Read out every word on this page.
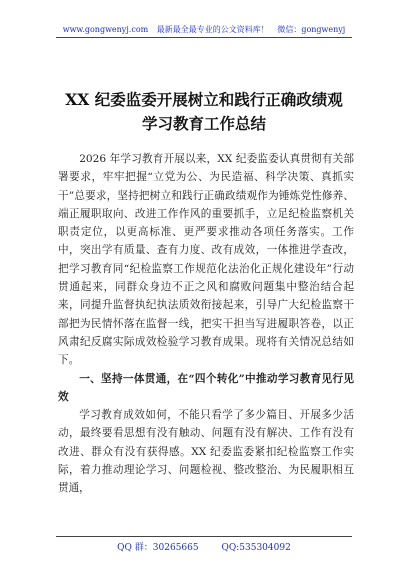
www.gongwenyj.com 最新最全最专业的公文资料库！ 微信：gongwenyj
XX 纪委监委开展树立和践行正确政绩观
学习教育工作总结

2026 年学习教育开展以来，XX 纪委监委认真贯彻有关部署要求，牢牢把握“立党为公、为民造福、科学决策、真抓实干”总要求，坚持把树立和践行正确政绩观作为锤炼党性修养、端正履职取向、改进工作作风的重要抓手，立足纪检监察机关职责定位，以更高标准、更严要求推动各项任务落实。工作中，突出学有质量、查有力度、改有成效，一体推进学查改，把学习教育同“纪检监察工作规范化法治化正规化建设年”行动贯通起来，同群众身边不正之风和腐败问题集中整治结合起来，同提升监督执纪执法质效衔接起来，引导广大纪检监察干部把为民情怀落在监督一线，把实干担当写进履职答卷，以正风肃纪反腐实际成效检验学习教育成果。现将有关情况总结如下。

一、坚持一体贯通，在“四个转化”中推动学习教育见行见效

学习教育成效如何，不能只看学了多少篇目、开展多少活动，最终要看思想有没有触动、问题有没有解决、工作有没有改进、群众有没有获得感。XX 纪委监委紧扣纪检监察工作实际，着力推动理论学习、问题检视、整改整治、为民履职相互贯通，

QQ 群：30265665	QQ:535304092
